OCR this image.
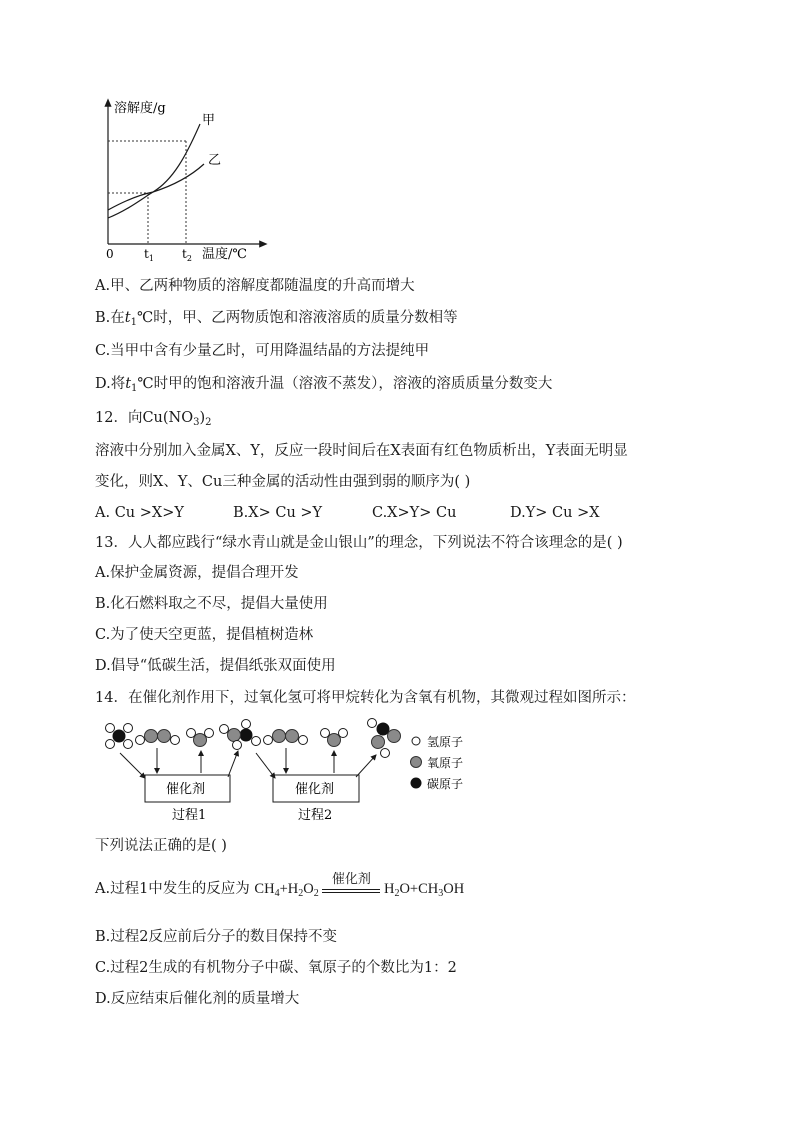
溶解度/g
甲
乙
0	$t_1$ $t_2$ 温度/℃
A.甲、乙两种物质的溶解度都随温度的升高而增大
B.在$t_1℃$时，甲、乙两物质饱和溶液溶质的质量分数相等
C.当甲中含有少量乙时，可用降温结晶的方法提纯甲
D.将$t_1℃$时甲的饱和溶液升温（溶液不蒸发），溶液的溶质质量分数变大
12．向$Cu(NO_3)_2$
溶液中分别加入金属X、Y，反应一段时间后在X表面有红色物质析出，Y表面无明显
变化，则X、Y、Cu三种金属的活动性由强到弱的顺序为( )
A. Cu >X>Y	B.X> Cu >Y	C.X>Y> Cu	D.Y> Cu >X
13．人人都应践行“绿水青山就是金山银山”的理念，下列说法不符合该理念的是( )
A.保护金属资源，提倡合理开发
B.化石燃料取之不尽，提倡大量使用
C.为了使天空更蓝，提倡植树造林
D.倡导“低碳生活，提倡纸张双面使用
14．在催化剂作用下，过氧化氢可将甲烷转化为含氧有机物，其微观过程如图所示：
催化剂	催化剂
过程1	过程2
氢原子
氧原子
碳原子
下列说法正确的是( )
A.过程1中发生的反应为 $CH_4+H_2O_2$
催化剂
$H_2O+CH_3OH$
B.过程2反应前后分子的数目保持不变
C.过程2生成的有机物分子中碳、氧原子的个数比为1：2
D.反应结束后催化剂的质量增大
